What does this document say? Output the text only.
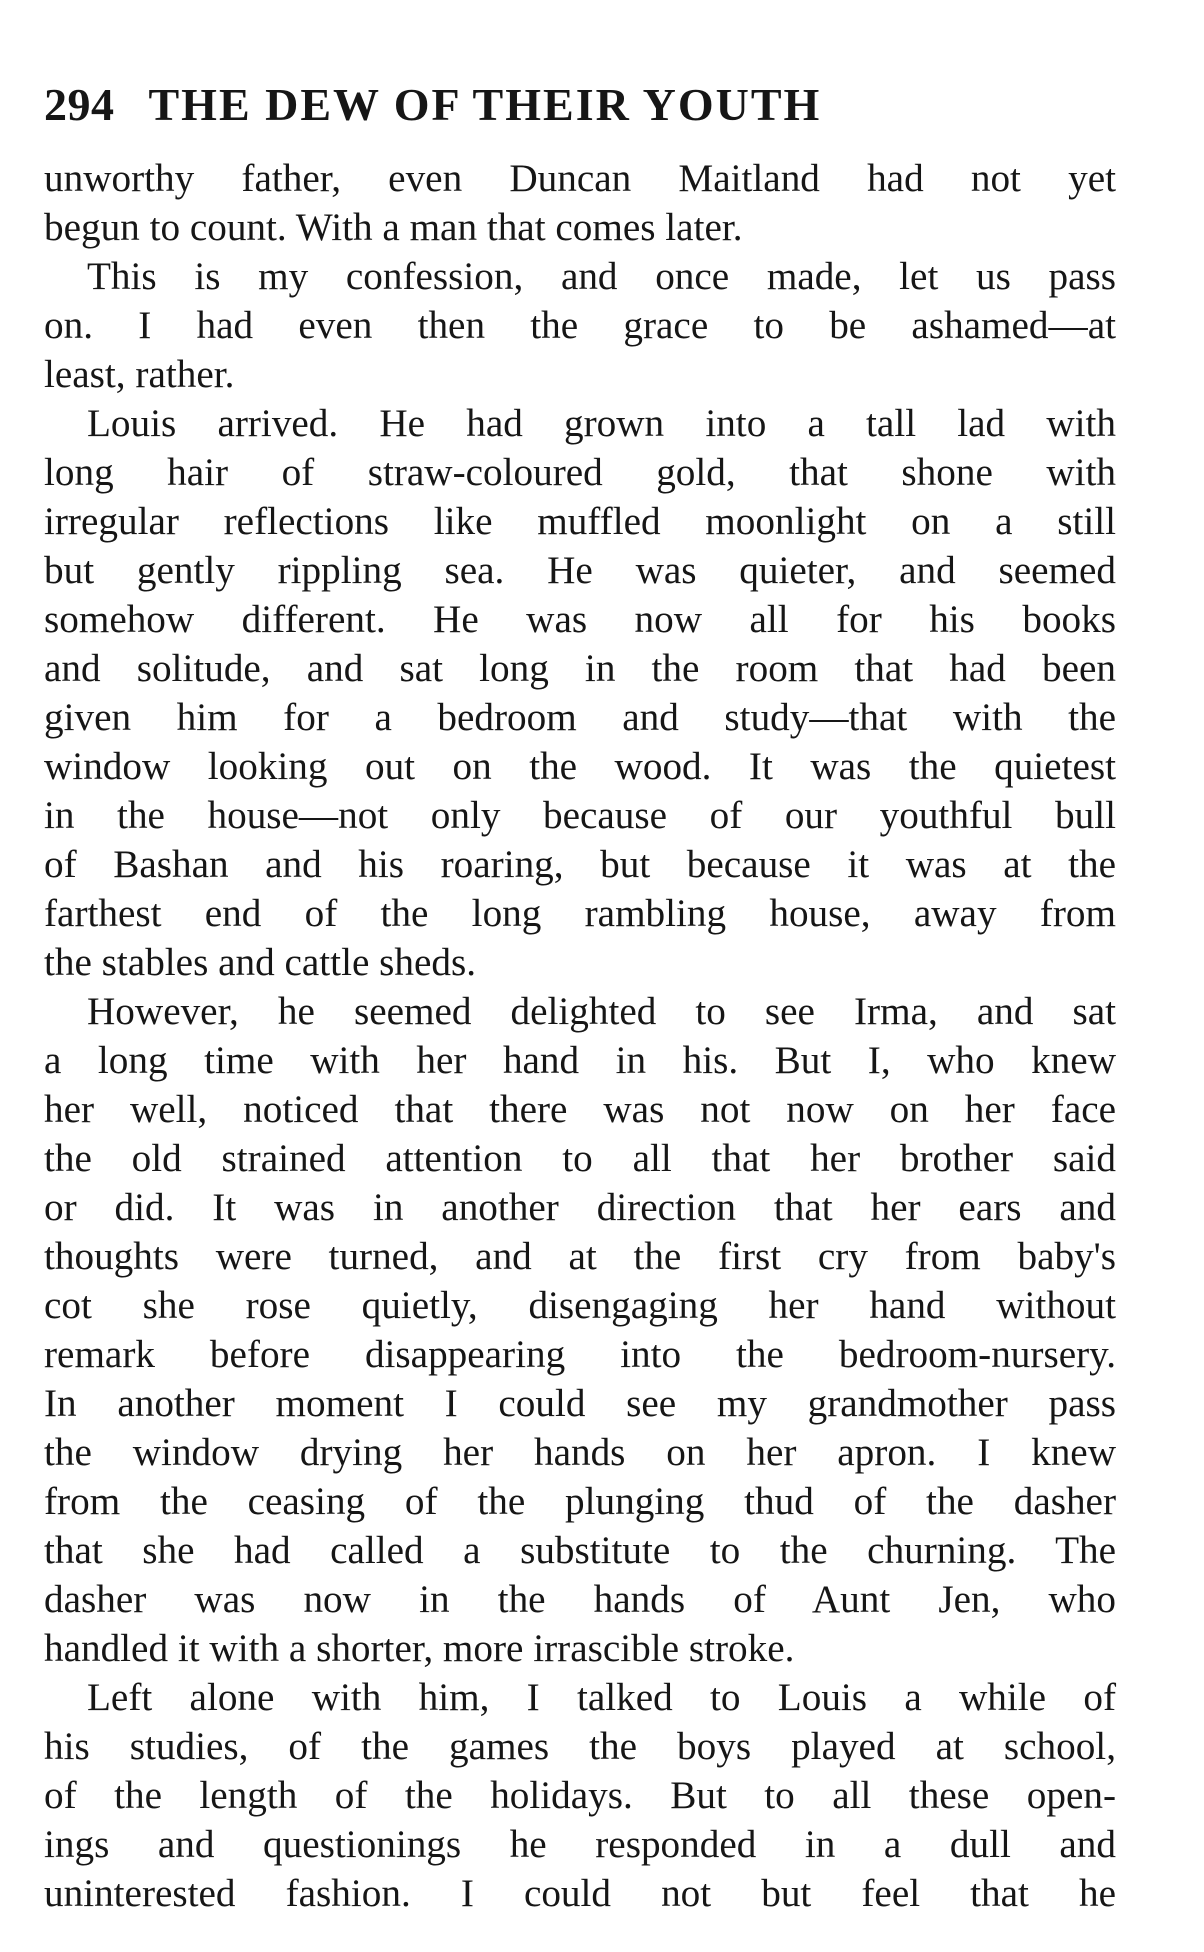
294 THE DEW OF THEIR YOUTH
unworthy father, even Duncan Maitland had not yet
begun to count. With a man that comes later.
This is my confession, and once made, let us pass
on. I had even then the grace to be ashamed—at
least, rather.
Louis arrived. He had grown into a tall lad with
long hair of straw-coloured gold, that shone with
irregular reflections like muffled moonlight on a still
but gently rippling sea. He was quieter, and seemed
somehow different. He was now all for his books
and solitude, and sat long in the room that had been
given him for a bedroom and study—that with the
window looking out on the wood. It was the quietest
in the house—not only because of our youthful bull
of Bashan and his roaring, but because it was at the
farthest end of the long rambling house, away from
the stables and cattle sheds.
However, he seemed delighted to see Irma, and sat
a long time with her hand in his. But I, who knew
her well, noticed that there was not now on her face
the old strained attention to all that her brother said
or did. It was in another direction that her ears and
thoughts were turned, and at the first cry from baby's
cot she rose quietly, disengaging her hand without
remark before disappearing into the bedroom-nursery.
In another moment I could see my grandmother pass
the window drying her hands on her apron. I knew
from the ceasing of the plunging thud of the dasher
that she had called a substitute to the churning. The
dasher was now in the hands of Aunt Jen, who
handled it with a shorter, more irrascible stroke.
Left alone with him, I talked to Louis a while of
his studies, of the games the boys played at school,
of the length of the holidays. But to all these open-
ings and questionings he responded in a dull and
uninterested fashion. I could not but feel that he
